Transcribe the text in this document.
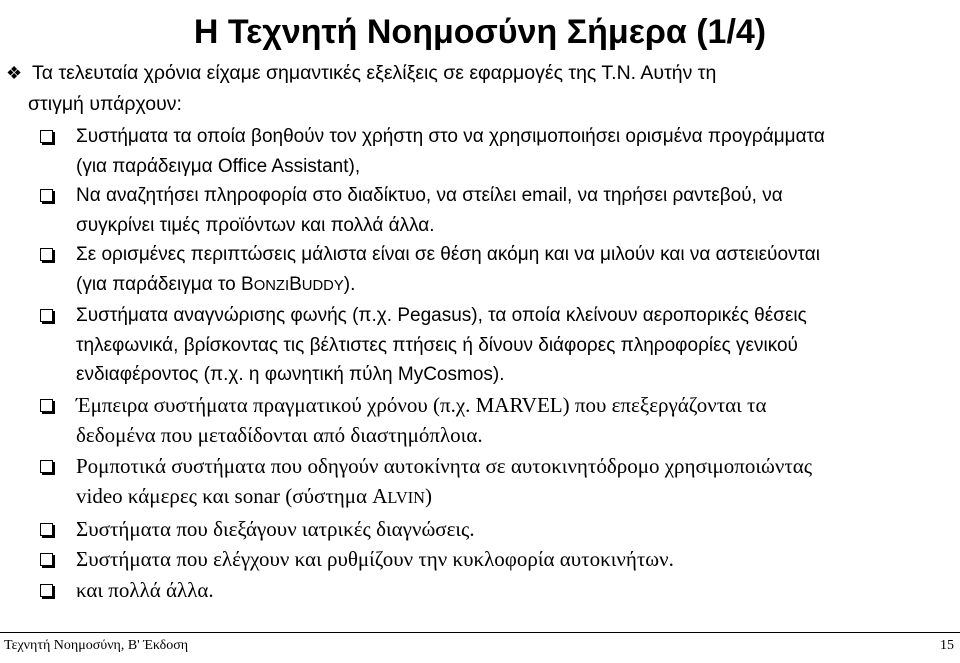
Η Τεχνητή Νοημοσύνη Σήμερα (1/4)
❖ Τα τελευταία χρόνια είχαμε σημαντικές εξελίξεις σε εφαρμογές της Τ.Ν. Αυτήν τη
στιγμή υπάρχουν:
Συστήματα τα οποία βοηθούν τον χρήστη στο να χρησιμοποιήσει ορισμένα προγράμματα
(για παράδειγμα Office Assistant),
Να αναζητήσει πληροφορία στο διαδίκτυο, να στείλει email, να τηρήσει ραντεβού, να
συγκρίνει τιμές προϊόντων και πολλά άλλα.
Σε ορισμένες περιπτώσεις μάλιστα είναι σε θέση ακόμη και να μιλούν και να αστειεύονται
(για παράδειγμα το BONZIBUDDY).
Συστήματα αναγνώρισης φωνής (π.χ. Pegasus), τα οποία κλείνουν αεροπορικές θέσεις
τηλεφωνικά, βρίσκοντας τις βέλτιστες πτήσεις ή δίνουν διάφορες πληροφορίες γενικού
ενδιαφέροντος (π.χ. η φωνητική πύλη MyCosmos).
Έμπειρα συστήματα πραγματικού χρόνου (π.χ. MARVEL) που επεξεργάζονται τα
δεδομένα που μεταδίδονται από διαστημόπλοια.
Ρομποτικά συστήματα που οδηγούν αυτοκίνητα σε αυτοκινητόδρομο χρησιμοποιώντας
video κάμερες και sonar (σύστημα ALVIN)
Συστήματα που διεξάγουν ιατρικές διαγνώσεις.
Συστήματα που ελέγχουν και ρυθμίζουν την κυκλοφορία αυτοκινήτων.
και πολλά άλλα.
Τεχνητή Νοημοσύνη, B' Έκδοση	15
